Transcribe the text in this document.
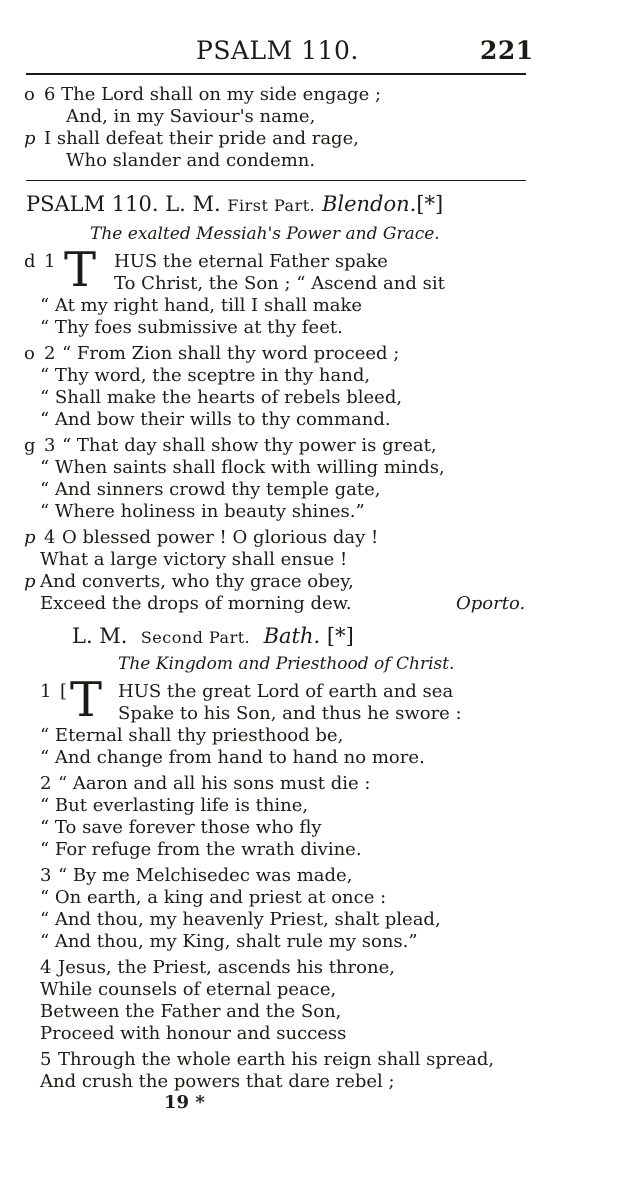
PSALM 110.	221
o 6 The Lord shall on my side engage ;
And, in my Saviour's name,
p I shall defeat their pride and rage,
Who slander and condemn.
PSALM 110. L. M. First Part. Blendon.[*]
The exalted Messiah's Power and Grace.
d 1 T HUS the eternal Father spake
To Christ, the Son ; “ Ascend and sit
“ At my right hand, till I shall make
“ Thy foes submissive at thy feet.
o 2 “ From Zion shall thy word proceed ;
“ Thy word, the sceptre in thy hand,
“ Shall make the hearts of rebels bleed,
“ And bow their wills to thy command.
g 3 “ That day shall show thy power is great,
“ When saints shall flock with willing minds,
“ And sinners crowd thy temple gate,
“ Where holiness in beauty shines.”
p 4 O blessed power ! O glorious day !
What a large victory shall ensue !
p And converts, who thy grace obey,
Exceed the drops of morning dew.	Oporto.
L. M. Second Part. Bath. [*]
The Kingdom and Priesthood of Christ.
1 [ T HUS the great Lord of earth and sea
Spake to his Son, and thus he swore :
“ Eternal shall thy priesthood be,
“ And change from hand to hand no more.
2 “ Aaron and all his sons must die :
“ But everlasting life is thine,
“ To save forever those who fly
“ For refuge from the wrath divine.
3 “ By me Melchisedec was made,
“ On earth, a king and priest at once :
“ And thou, my heavenly Priest, shalt plead,
“ And thou, my King, shalt rule my sons.”
4 Jesus, the Priest, ascends his throne,
While counsels of eternal peace,
Between the Father and the Son,
Proceed with honour and success
5 Through the whole earth his reign shall spread,
And crush the powers that dare rebel ;
19 *
